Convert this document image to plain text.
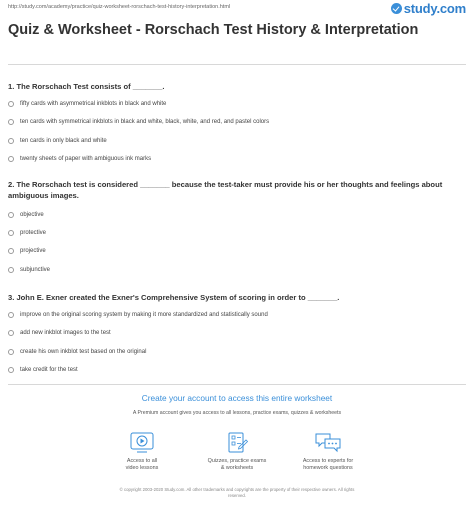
http://study.com/academy/practice/quiz-worksheet-rorschach-test-history-interpretation.html	study.com
Quiz & Worksheet - Rorschach Test History & Interpretation
1. The Rorschach Test consists of _______.
fifty cards with asymmetrical inkblots in black and white
ten cards with symmetrical inkblots in black and white, black, white, and red, and pastel colors
ten cards in only black and white
twenty sheets of paper with ambiguous ink marks
2. The Rorschach test is considered _______ because the test-taker must provide his or her thoughts and feelings about ambiguous images.
objective
protective
projective
subjunctive
3. John E. Exner created the Exner's Comprehensive System of scoring in order to _______.
improve on the original scoring system by making it more standardized and statistically sound
add new inkblot images to the test
create his own inkblot test based on the original
take credit for the test
Create your account to access this entire worksheet
A Premium account gives you access to all lessons, practice exams, quizzes & worksheets
Access to all
video lessons
Quizzes, practice exams
& worksheets
Access to experts for
homework questions
© copyright 2003-2020 Study.com. All other trademarks and copyrights are the property of their respective owners. All rights
reserved.
